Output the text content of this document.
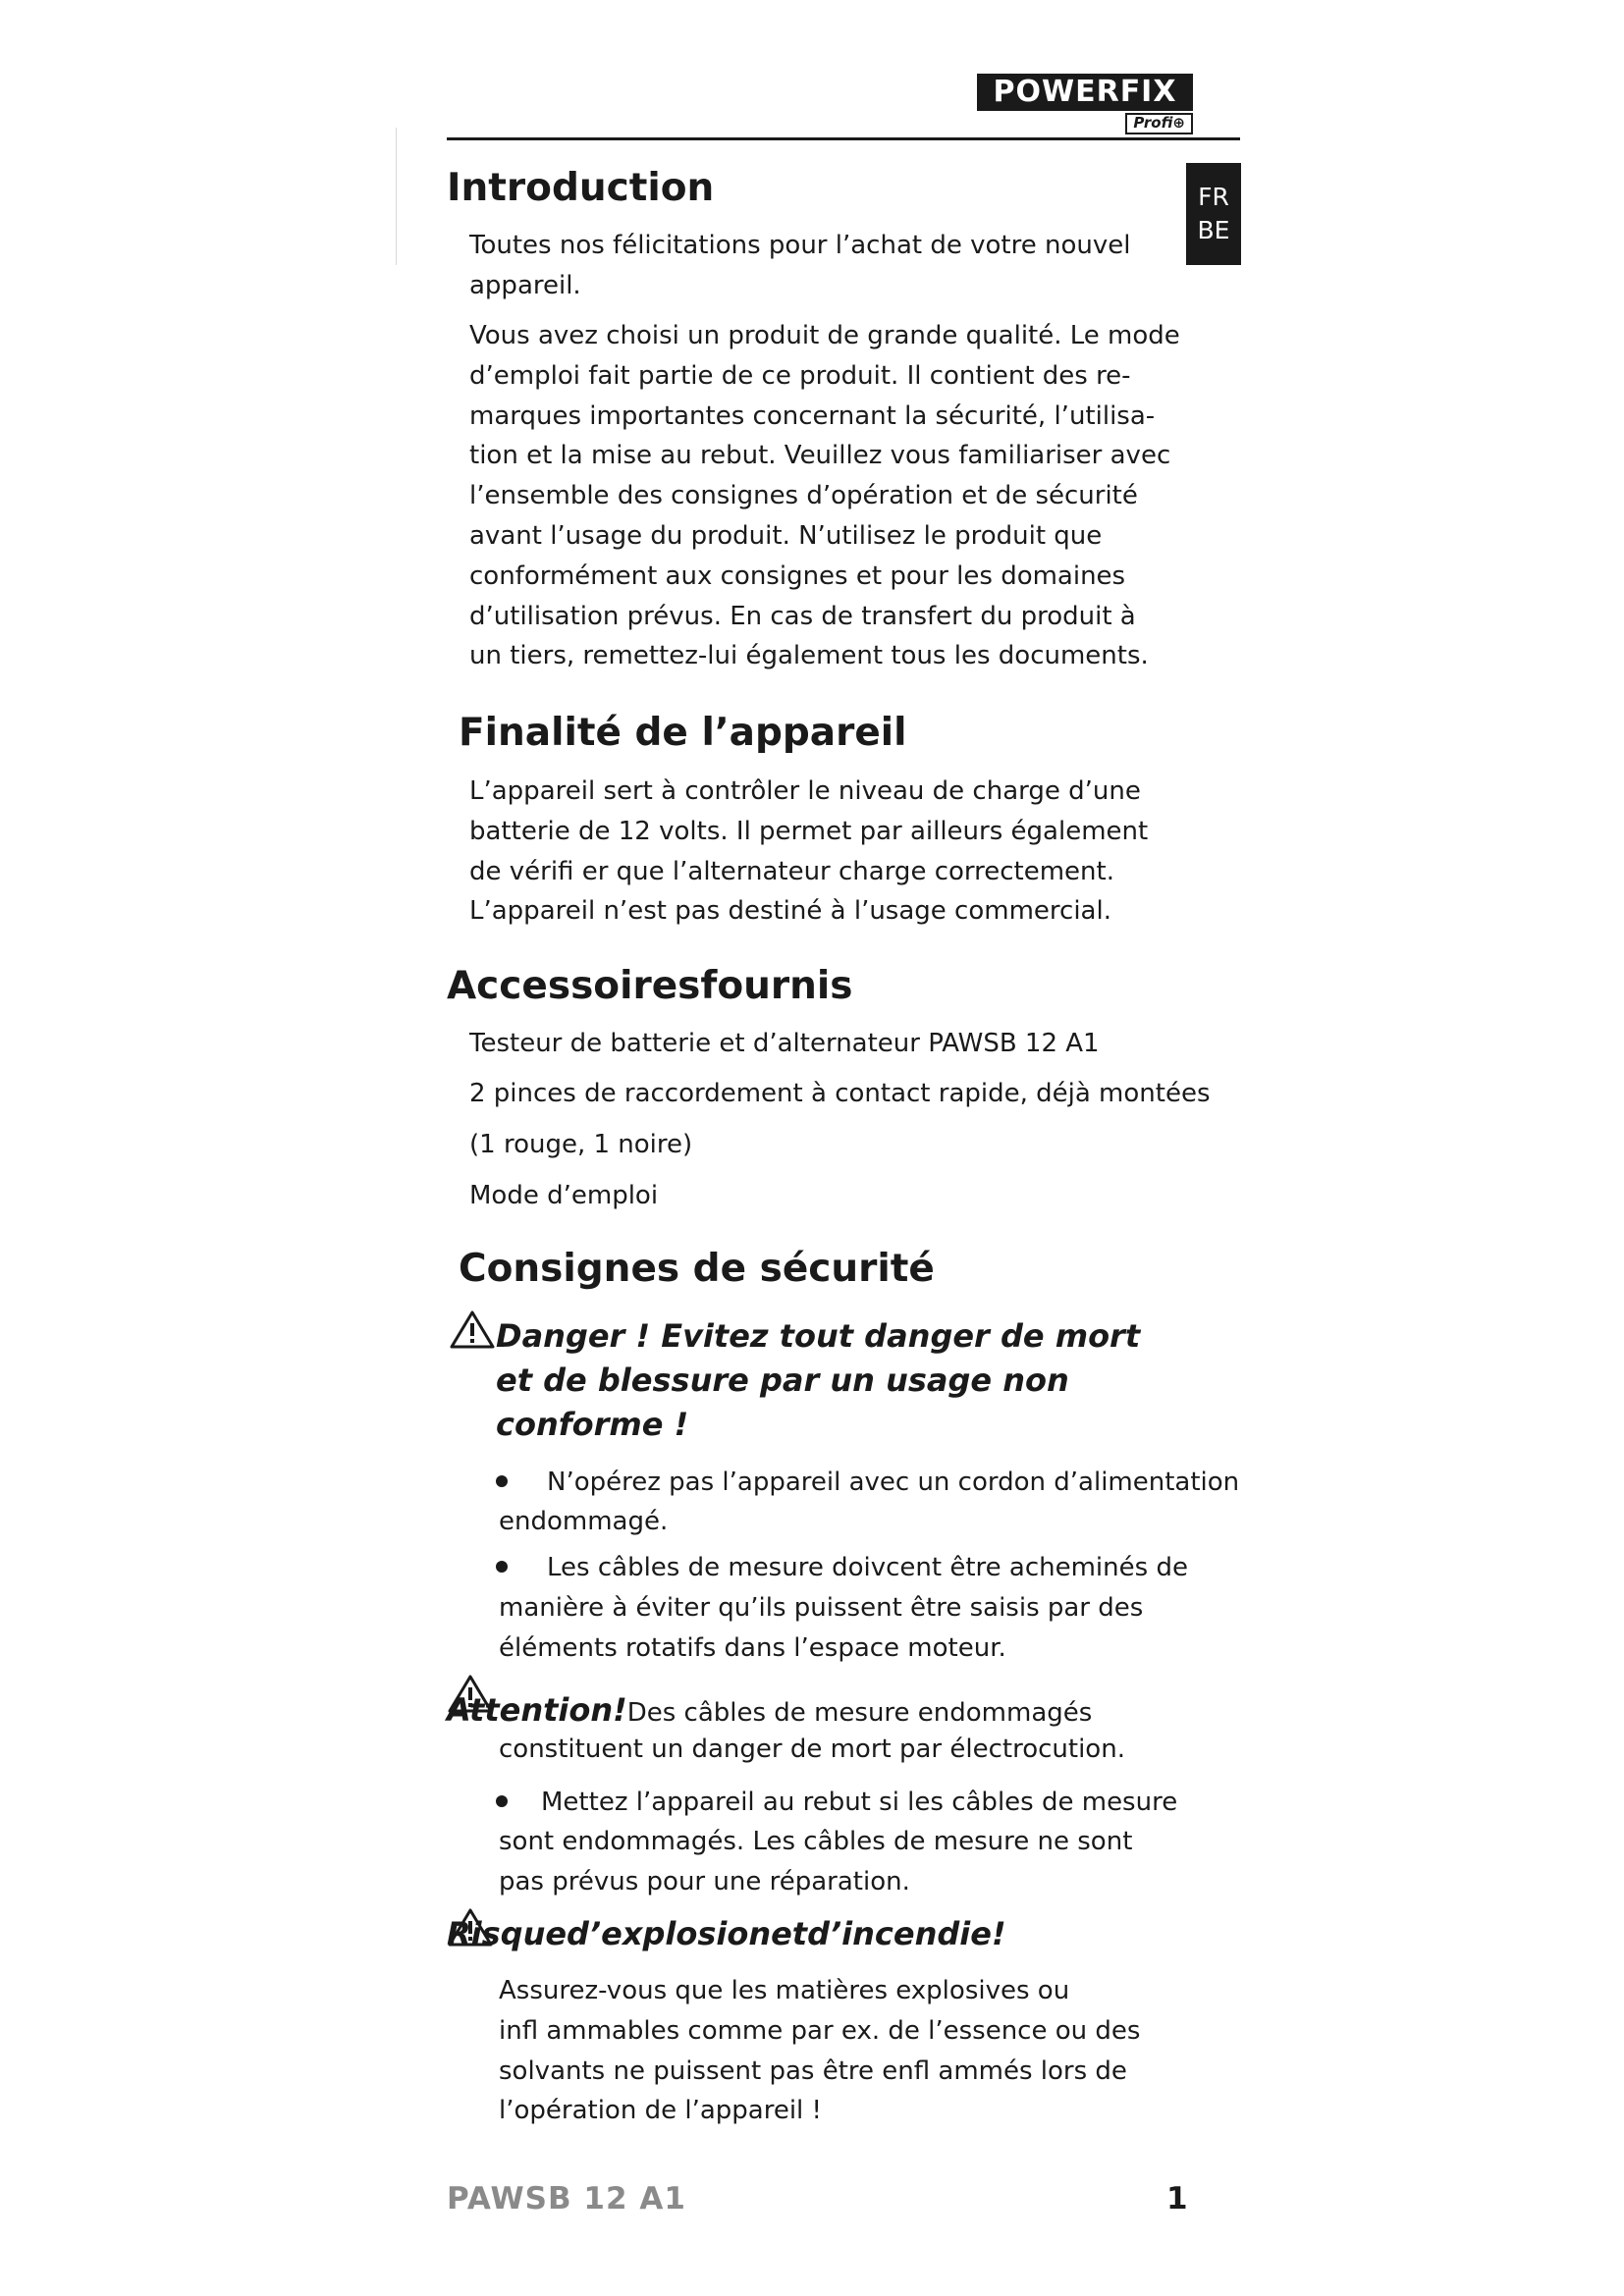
POWERFIX
Profi⊕
FR
BE
Introduction

Toutes nos félicitations pour l’achat de votre nouvel
appareil.

Vous avez choisi un produit de grande qualité. Le mode
d’emploi fait partie de ce produit. Il contient des re-
marques importantes concernant la sécurité, l’utilisa-
tion et la mise au rebut. Veuillez vous familiariser avec
l’ensemble des consignes d’opération et de sécurité
avant l’usage du produit. N’utilisez le produit que
conformément aux consignes et pour les domaines
d’utilisation prévus. En cas de transfert du produit à
un tiers, remettez-lui également tous les documents.

Finalité de l’appareil

L’appareil sert à contrôler le niveau de charge d’une
batterie de 12 volts. Il permet par ailleurs également
de vérifi er que l’alternateur charge correctement.
L’appareil n’est pas destiné à l’usage commercial.

Accessoiresfournis

Testeur de batterie et d’alternateur PAWSB 12 A1

2 pinces de raccordement à contact rapide, déjà montées

(1 rouge, 1 noire)

Mode d’emploi

Consignes de sécurité

Danger ! Evitez tout danger de mort
et de blessure par un usage non
conforme !

N’opérez pas l’appareil avec un cordon d’alimentation

endommagé.

Les câbles de mesure doivcent être acheminés de

manière à éviter qu’ils puissent être saisis par des
éléments rotatifs dans l’espace moteur.

Attention!Des câbles de mesure endommagés

constituent un danger de mort par électrocution.

Mettez l’appareil au rebut si les câbles de mesure

sont endommagés. Les câbles de mesure ne sont
pas prévus pour une réparation.

Risqued’explosionetd’incendie!

Assurez-vous que les matières explosives ou
infl ammables comme par ex. de l’essence ou des
solvants ne puissent pas être enfl ammés lors de
l’opération de l’appareil !

PAWSB 12 A1	1
